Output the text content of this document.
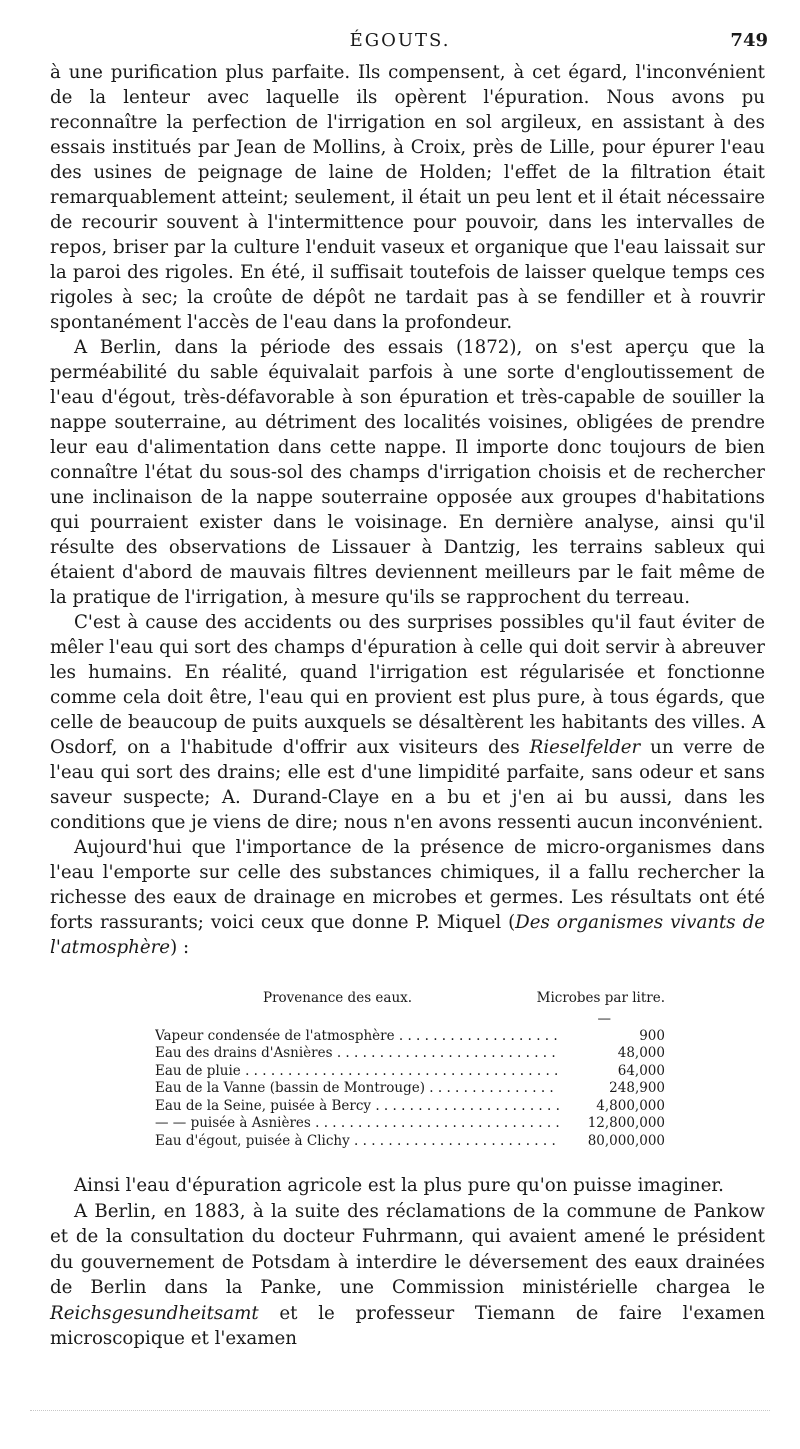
ÉGOUTS.	749

à une purification plus parfaite. Ils compensent, à cet égard, l'inconvénient de la lenteur avec laquelle ils opèrent l'épuration. Nous avons pu reconnaître la perfection de l'irrigation en sol argileux, en assistant à des essais institués par Jean de Mollins, à Croix, près de Lille, pour épurer l'eau des usines de peignage de laine de Holden; l'effet de la filtration était remarquablement atteint; seulement, il était un peu lent et il était nécessaire de recourir souvent à l'intermittence pour pouvoir, dans les intervalles de repos, briser par la culture l'enduit vaseux et organique que l'eau laissait sur la paroi des rigoles. En été, il suffisait toutefois de laisser quelque temps ces rigoles à sec; la croûte de dépôt ne tardait pas à se fendiller et à rouvrir spontanément l'accès de l'eau dans la profondeur.

A Berlin, dans la période des essais (1872), on s'est aperçu que la perméabilité du sable équivalait parfois à une sorte d'engloutissement de l'eau d'égout, très-défavorable à son épuration et très-capable de souiller la nappe souterraine, au détriment des localités voisines, obligées de prendre leur eau d'alimentation dans cette nappe. Il importe donc toujours de bien connaître l'état du sous-sol des champs d'irrigation choisis et de rechercher une inclinaison de la nappe souterraine opposée aux groupes d'habitations qui pourraient exister dans le voisinage. En dernière analyse, ainsi qu'il résulte des observations de Lissauer à Dantzig, les terrains sableux qui étaient d'abord de mauvais filtres deviennent meilleurs par le fait même de la pratique de l'irrigation, à mesure qu'ils se rapprochent du terreau.

C'est à cause des accidents ou des surprises possibles qu'il faut éviter de mêler l'eau qui sort des champs d'épuration à celle qui doit servir à abreuver les humains. En réalité, quand l'irrigation est régularisée et fonctionne comme cela doit être, l'eau qui en provient est plus pure, à tous égards, que celle de beaucoup de puits auxquels se désaltèrent les habitants des villes. A Osdorf, on a l'habitude d'offrir aux visiteurs des Rieselfelder un verre de l'eau qui sort des drains; elle est d'une limpidité parfaite, sans odeur et sans saveur suspecte; A. Durand-Claye en a bu et j'en ai bu aussi, dans les conditions que je viens de dire; nous n'en avons ressenti aucun inconvénient.

Aujourd'hui que l'importance de la présence de micro-organismes dans l'eau l'emporte sur celle des substances chimiques, il a fallu rechercher la richesse des eaux de drainage en microbes et germes. Les résultats ont été forts rassurants; voici ceux que donne P. Miquel (Des organismes vivants de l'atmosphère) :

Provenance des eaux.	Microbes par litre.
—
Vapeur condensée de l'atmosphère . . .	900
Eau des drains d'Asnières . . .	48,000
Eau de pluie . . .	64,000
Eau de la Vanne (bassin de Montrouge) . . .	248,900
Eau de la Seine, puisée à Bercy . . .	4,800,000
— — puisée à Asnières . . .	12,800,000
Eau d'égout, puisée à Clichy . . .	80,000,000

Ainsi l'eau d'épuration agricole est la plus pure qu'on puisse imaginer.

A Berlin, en 1883, à la suite des réclamations de la commune de Pankow et de la consultation du docteur Fuhrmann, qui avaient amené le président du gouvernement de Potsdam à interdire le déversement des eaux drainées de Berlin dans la Panke, une Commission ministérielle chargea le Reichsgesundheitsamt et le professeur Tiemann de faire l'examen microscopique et l'examen
